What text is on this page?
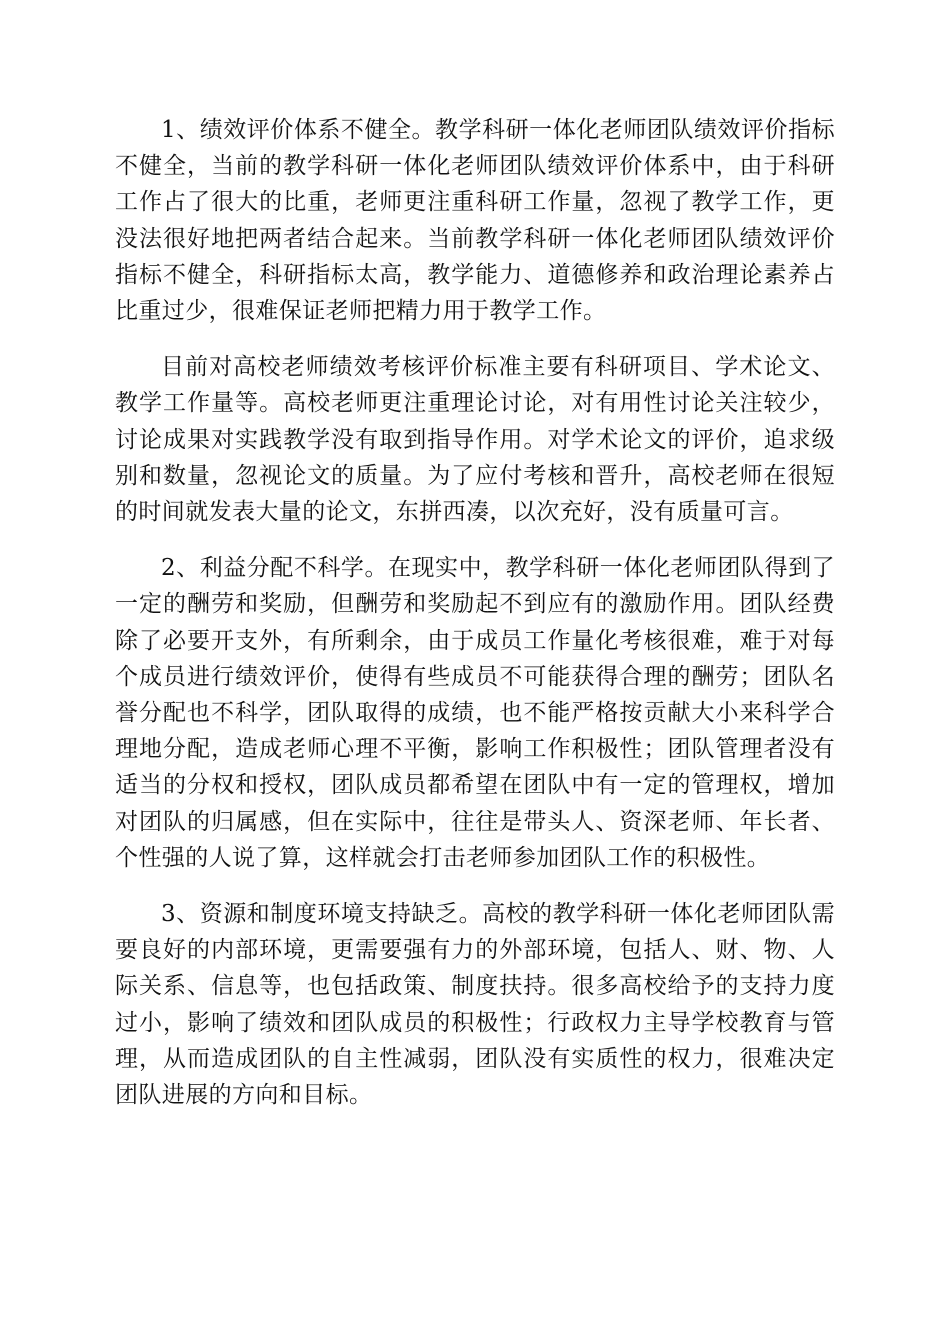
1、绩效评价体系不健全。教学科研一体化老师团队绩效评价指标不健全，当前的教学科研一体化老师团队绩效评价体系中，由于科研工作占了很大的比重，老师更注重科研工作量，忽视了教学工作，更没法很好地把两者结合起来。当前教学科研一体化老师团队绩效评价指标不健全，科研指标太高，教学能力、道德修养和政治理论素养占比重过少，很难保证老师把精力用于教学工作。

目前对高校老师绩效考核评价标准主要有科研项目、学术论文、教学工作量等。高校老师更注重理论讨论，对有用性讨论关注较少，讨论成果对实践教学没有取到指导作用。对学术论文的评价，追求级别和数量，忽视论文的质量。为了应付考核和晋升，高校老师在很短的时间就发表大量的论文，东拼西凑，以次充好，没有质量可言。

2、利益分配不科学。在现实中，教学科研一体化老师团队得到了一定的酬劳和奖励，但酬劳和奖励起不到应有的激励作用。团队经费除了必要开支外，有所剩余，由于成员工作量化考核很难，难于对每个成员进行绩效评价，使得有些成员不可能获得合理的酬劳；团队名誉分配也不科学，团队取得的成绩，也不能严格按贡献大小来科学合理地分配，造成老师心理不平衡，影响工作积极性；团队管理者没有适当的分权和授权，团队成员都希望在团队中有一定的管理权，增加对团队的归属感，但在实际中，往往是带头人、资深老师、年长者、个性强的人说了算，这样就会打击老师参加团队工作的积极性。

3、资源和制度环境支持缺乏。高校的教学科研一体化老师团队需要良好的内部环境，更需要强有力的外部环境，包括人、财、物、人际关系、信息等，也包括政策、制度扶持。很多高校给予的支持力度过小，影响了绩效和团队成员的积极性；行政权力主导学校教育与管理，从而造成团队的自主性减弱，团队没有实质性的权力，很难决定团队进展的方向和目标。
